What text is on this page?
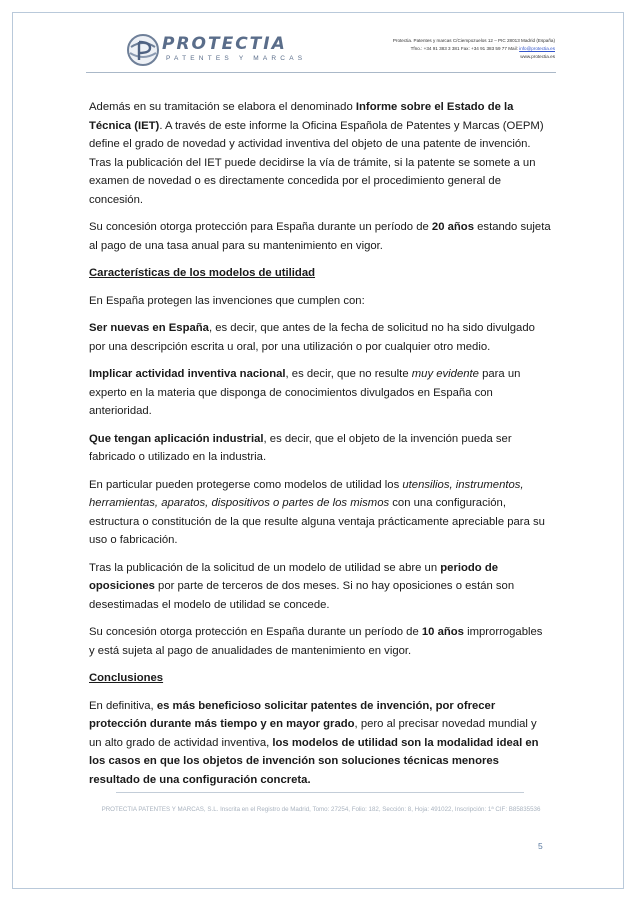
PROTECTIA
PATENTES Y MARCAS
Protectia. Patentes y marcas C/Ciempozuelos 12 – PIC 28013 Madrid (España)
Tfno.: +34 91 383 3 381 Fax: +34 91 383 59 77 Mail: info@protectia.es
www.protectia.es

Además en su tramitación se elabora el denominado Informe sobre el Estado de la Técnica (IET). A través de este informe la Oficina Española de Patentes y Marcas (OEPM) define el grado de novedad y actividad inventiva del objeto de una patente de invención. Tras la publicación del IET puede decidirse la vía de trámite, si la patente se somete a un examen de novedad o es directamente concedida por el procedimiento general de concesión.

Su concesión otorga protección para España durante un período de 20 años estando sujeta al pago de una tasa anual para su mantenimiento en vigor.

Características de los modelos de utilidad

En España protegen las invenciones que cumplen con:

Ser nuevas en España, es decir, que antes de la fecha de solicitud no ha sido divulgado por una descripción escrita u oral, por una utilización o por cualquier otro medio.

Implicar actividad inventiva nacional, es decir, que no resulte muy evidente para un experto en la materia que disponga de conocimientos divulgados en España con anterioridad.

Que tengan aplicación industrial, es decir, que el objeto de la invención pueda ser fabricado o utilizado en la industria.

En particular pueden protegerse como modelos de utilidad los utensilios, instrumentos, herramientas, aparatos, dispositivos o partes de los mismos con una configuración, estructura o constitución de la que resulte alguna ventaja prácticamente apreciable para su uso o fabricación.

Tras la publicación de la solicitud de un modelo de utilidad se abre un periodo de oposiciones por parte de terceros de dos meses. Si no hay oposiciones o están son desestimadas el modelo de utilidad se concede.

Su concesión otorga protección en España durante un período de 10 años improrrogables y está sujeta al pago de anualidades de mantenimiento en vigor.

Conclusiones

En definitiva, es más beneficioso solicitar patentes de invención, por ofrecer protección durante más tiempo y en mayor grado, pero al precisar novedad mundial y un alto grado de actividad inventiva, los modelos de utilidad son la modalidad ideal en los casos en que los objetos de invención son soluciones técnicas menores resultado de una configuración concreta.

PROTECTIA PATENTES Y MARCAS, S.L. Inscrita en el Registro de Madrid, Tomo: 27254, Folio: 182, Sección: 8, Hoja: 491022, Inscripción: 1ª CIF: B85835536
5
